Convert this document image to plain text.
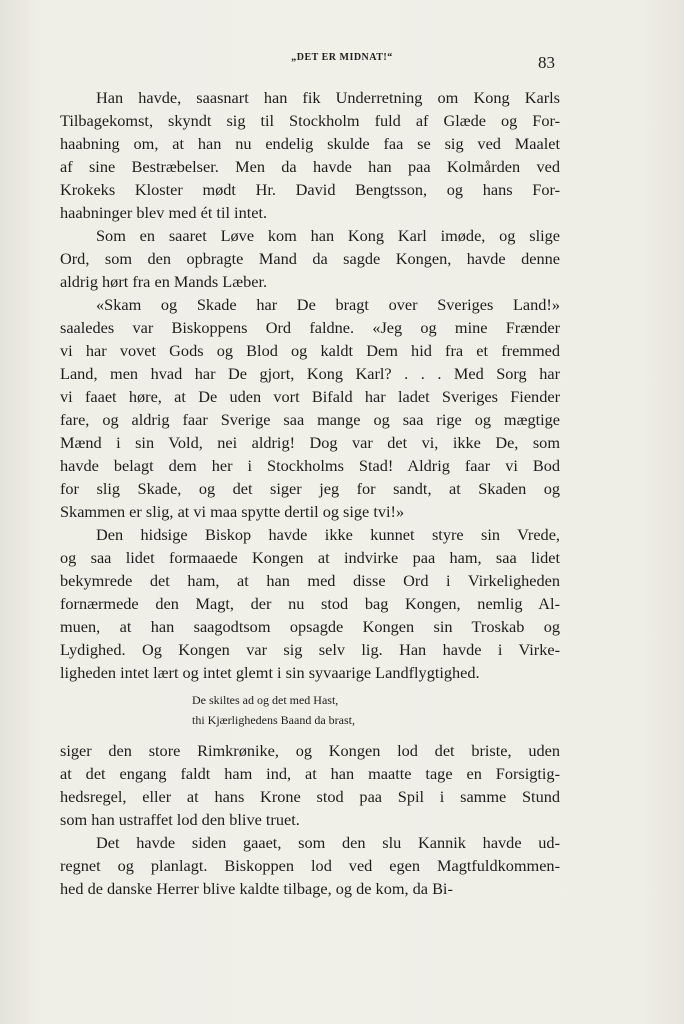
„DET ER MIDNAT!“	83

Han havde, saasnart han fik Underretning om Kong Karls
Tilbagekomst, skyndt sig til Stockholm fuld af Glæde og For-
haabning om, at han nu endelig skulde faa se sig ved Maalet
af sine Bestræbelser. Men da havde han paa Kolmården ved
Krokeks Kloster mødt Hr. David Bengtsson, og hans For-
haabninger blev med ét til intet.

Som en saaret Løve kom han Kong Karl imøde, og slige
Ord, som den opbragte Mand da sagde Kongen, havde denne
aldrig hørt fra en Mands Læber.

«Skam og Skade har De bragt over Sveriges Land!»
saaledes var Biskoppens Ord faldne. «Jeg og mine Frænder
vi har vovet Gods og Blod og kaldt Dem hid fra et fremmed
Land, men hvad har De gjort, Kong Karl? . . . Med Sorg har
vi faaet høre, at De uden vort Bifald har ladet Sveriges Fiender
fare, og aldrig faar Sverige saa mange og saa rige og mægtige
Mænd i sin Vold, nei aldrig! Dog var det vi, ikke De, som
havde belagt dem her i Stockholms Stad! Aldrig faar vi Bod
for slig Skade, og det siger jeg for sandt, at Skaden og
Skammen er slig, at vi maa spytte dertil og sige tvi!»

Den hidsige Biskop havde ikke kunnet styre sin Vrede,
og saa lidet formaaede Kongen at indvirke paa ham, saa lidet
bekymrede det ham, at han med disse Ord i Virkeligheden
fornærmede den Magt, der nu stod bag Kongen, nemlig Al-
muen, at han saagodtsom opsagde Kongen sin Troskab og
Lydighed. Og Kongen var sig selv lig. Han havde i Virke-
ligheden intet lært og intet glemt i sin syvaarige Landflygtighed.

De skiltes ad og det med Hast,
thi Kjærlighedens Baand da brast,

siger den store Rimkrønike, og Kongen lod det briste, uden
at det engang faldt ham ind, at han maatte tage en Forsigtig-
hedsregel, eller at hans Krone stod paa Spil i samme Stund
som han ustraffet lod den blive truet.

Det havde siden gaaet, som den slu Kannik havde ud-
regnet og planlagt. Biskoppen lod ved egen Magtfuldkommen-
hed de danske Herrer blive kaldte tilbage, og de kom, da Bi-
